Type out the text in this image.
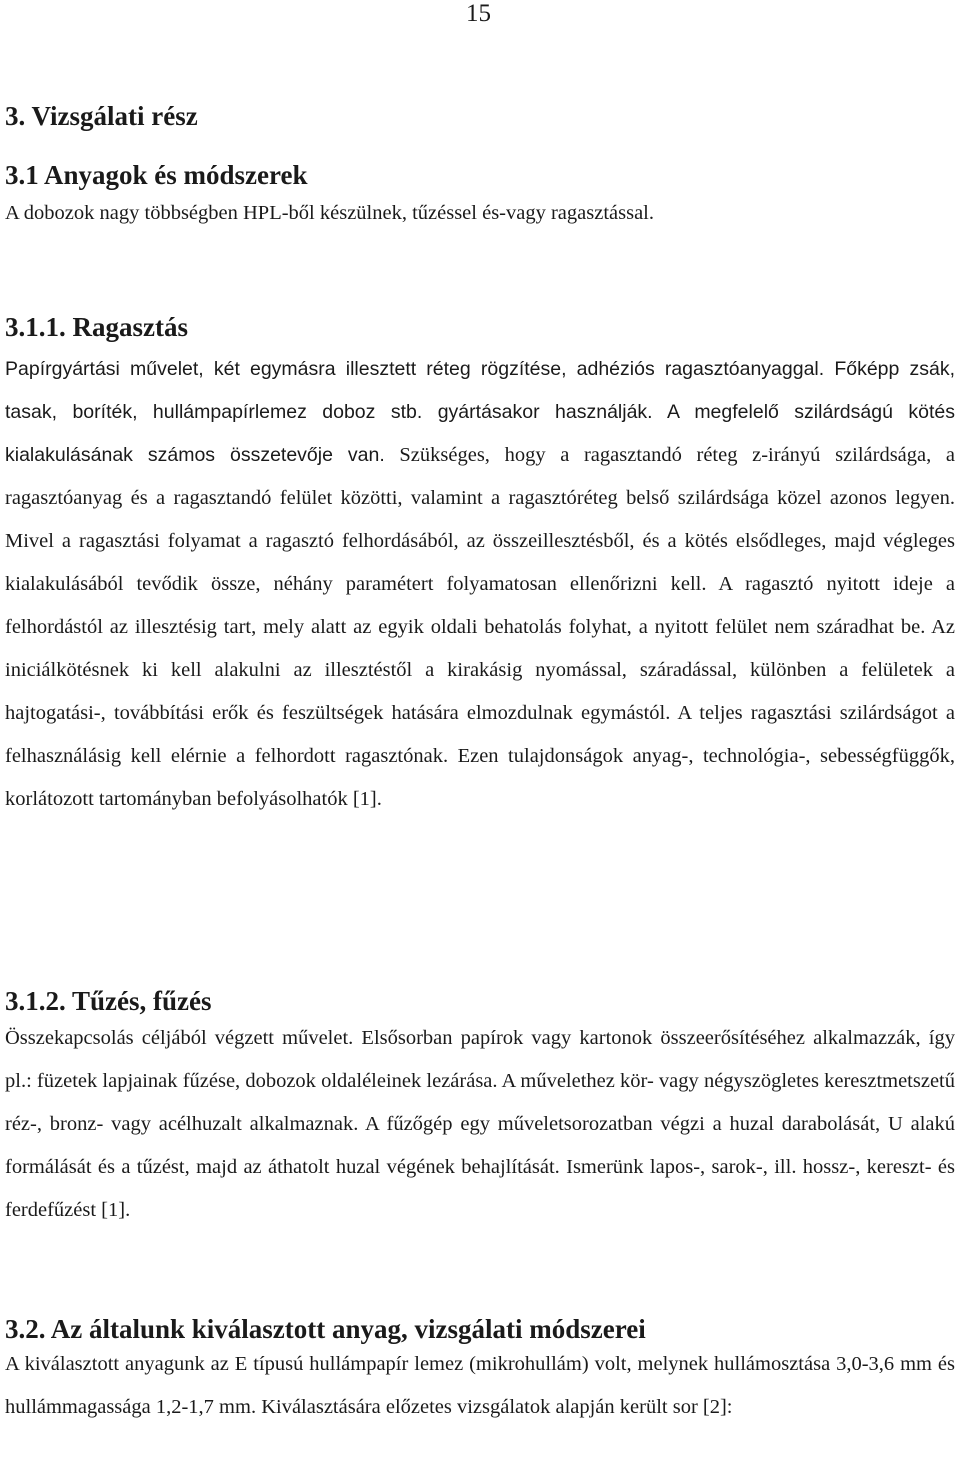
15
3. Vizsgálati rész
3.1 Anyagok és módszerek

A dobozok nagy többségben HPL-ből készülnek, tűzéssel és-vagy ragasztással.

3.1.1. Ragasztás

Papírgyártási művelet, két egymásra illesztett réteg rögzítése, adhéziós ragasztóanyaggal. Főképp zsák, tasak, boríték, hullámpapírlemez doboz stb. gyártásakor használják. A megfelelő szilárdságú kötés kialakulásának számos összetevője van. Szükséges, hogy a ragasztandó réteg z-irányú szilárdsága, a ragasztóanyag és a ragasztandó felület közötti, valamint a ragasztóréteg belső szilárdsága közel azonos legyen. Mivel a ragasztási folyamat a ragasztó felhordásából, az összeillesztésből, és a kötés elsődleges, majd végleges kialakulásából tevődik össze, néhány paramétert folyamatosan ellenőrizni kell. A ragasztó nyitott ideje a felhordástól az illesztésig tart, mely alatt az egyik oldali behatolás folyhat, a nyitott felület nem száradhat be. Az iniciálkötésnek ki kell alakulni az illesztéstől a kirakásig nyomással, száradással, különben a felületek a hajtogatási-, továbbítási erők és feszültségek hatására elmozdulnak egymástól. A teljes ragasztási szilárdságot a felhasználásig kell elérnie a felhordott ragasztónak. Ezen tulajdonságok anyag-, technológia-, sebességfüggők, korlátozott tartományban befolyásolhatók [1].

3.1.2. Tűzés, fűzés

Összekapcsolás céljából végzett művelet. Elsősorban papírok vagy kartonok összeerősítéséhez alkalmazzák, így pl.: füzetek lapjainak fűzése, dobozok oldaléleinek lezárása. A művelethez kör- vagy négyszögletes keresztmetszetű réz-, bronz- vagy acélhuzalt alkalmaznak. A fűzőgép egy műveletsorozatban végzi a huzal darabolását, U alakú formálását és a tűzést, majd az áthatolt huzal végének behajlítását. Ismerünk lapos-, sarok-, ill. hossz-, kereszt- és ferdefűzést [1].

3.2. Az általunk kiválasztott anyag, vizsgálati módszerei

A kiválasztott anyagunk az E típusú hullámpapír lemez (mikrohullám) volt, melynek hullámosztása 3,0-3,6 mm és hullámmagassága 1,2-1,7 mm. Kiválasztására előzetes vizsgálatok alapján került sor [2]:
